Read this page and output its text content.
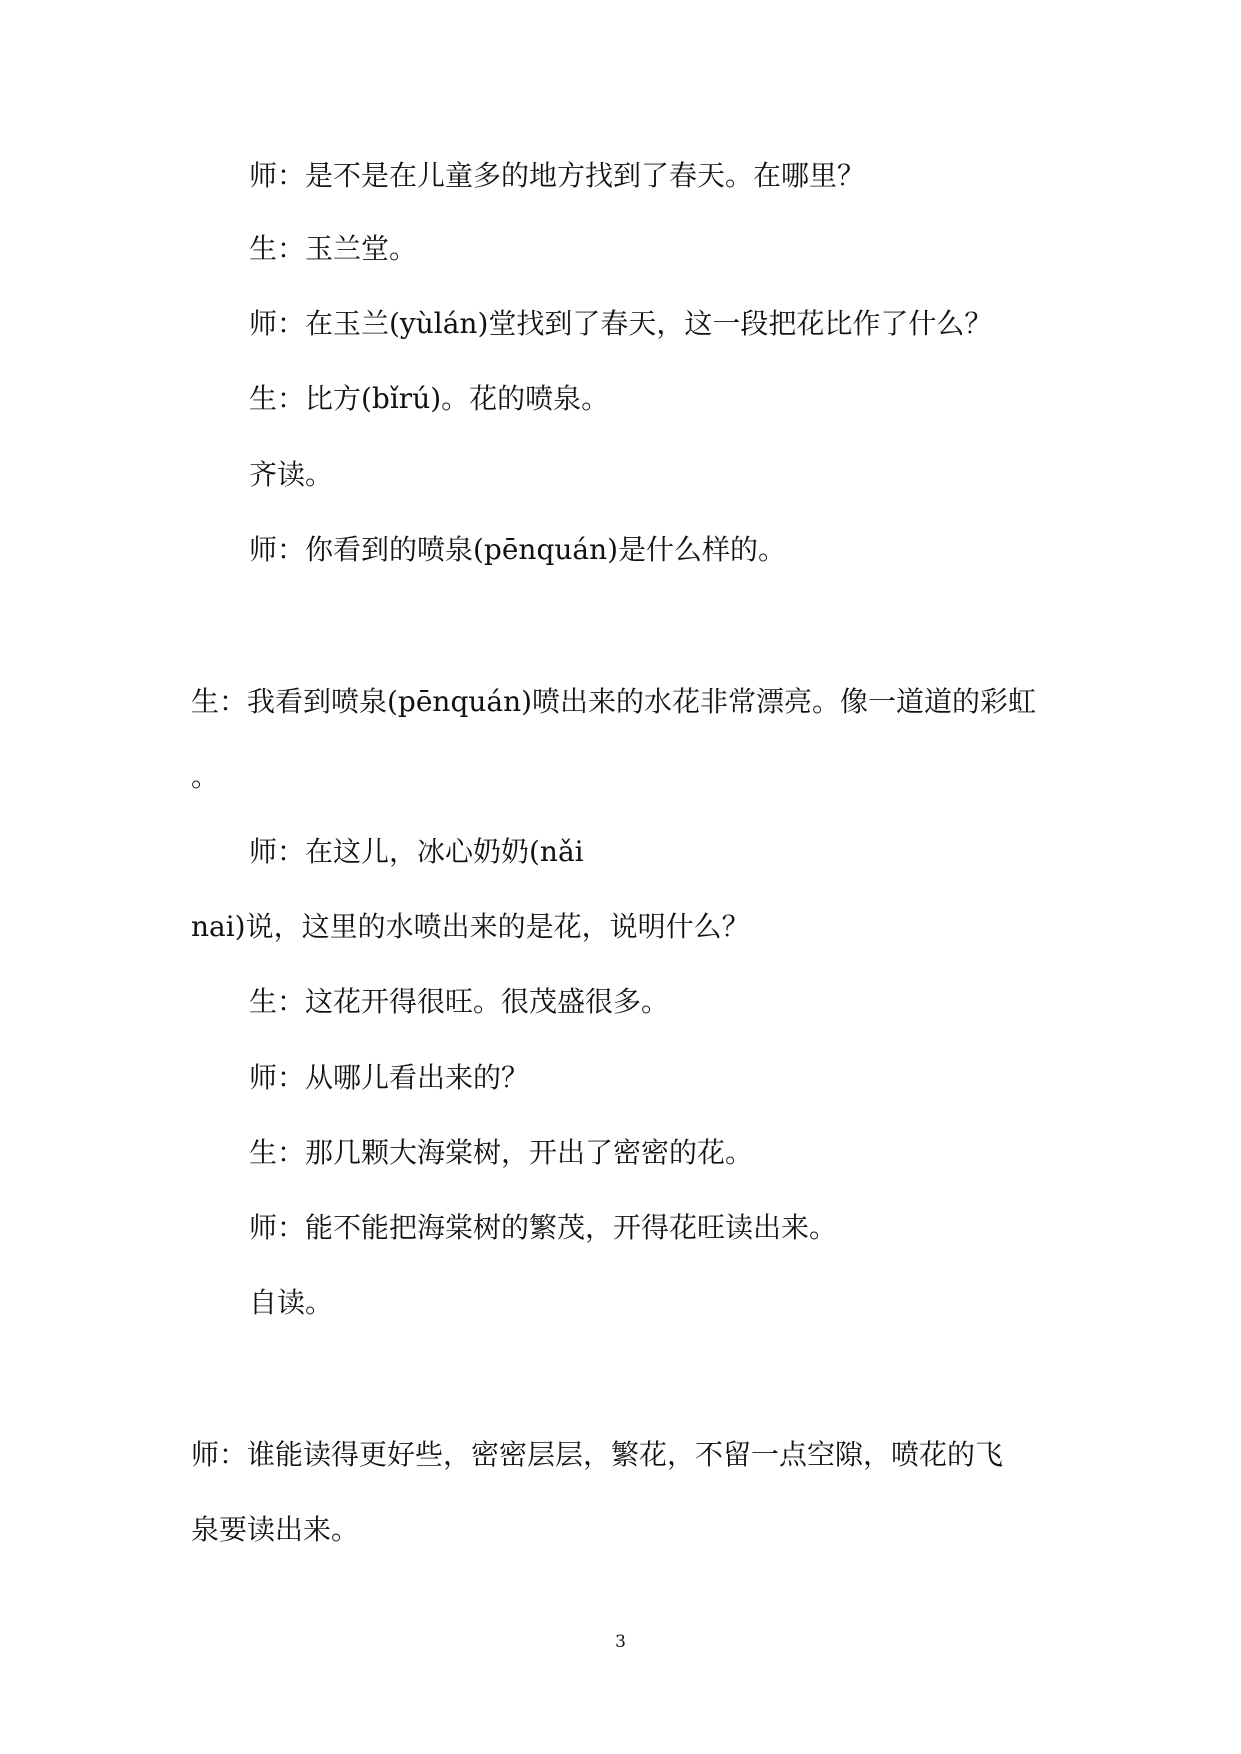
师：是不是在儿童多的地方找到了春天。在哪里？
生：玉兰堂。
师：在玉兰(yùlán)堂找到了春天，这一段把花比作了什么？
生：比方(bǐrú)。花的喷泉。
齐读。
师：你看到的喷泉(pēnquán)是什么样的。
生：我看到喷泉(pēnquán)喷出来的水花非常漂亮。像一道道的彩虹
。
师：在这儿，冰心奶奶(nǎi
nai)说，这里的水喷出来的是花，说明什么？
生：这花开得很旺。很茂盛很多。
师：从哪儿看出来的？
生：那几颗大海棠树，开出了密密的花。
师：能不能把海棠树的繁茂，开得花旺读出来。
自读。
师：谁能读得更好些，密密层层，繁花，不留一点空隙，喷花的飞
泉要读出来。
3
